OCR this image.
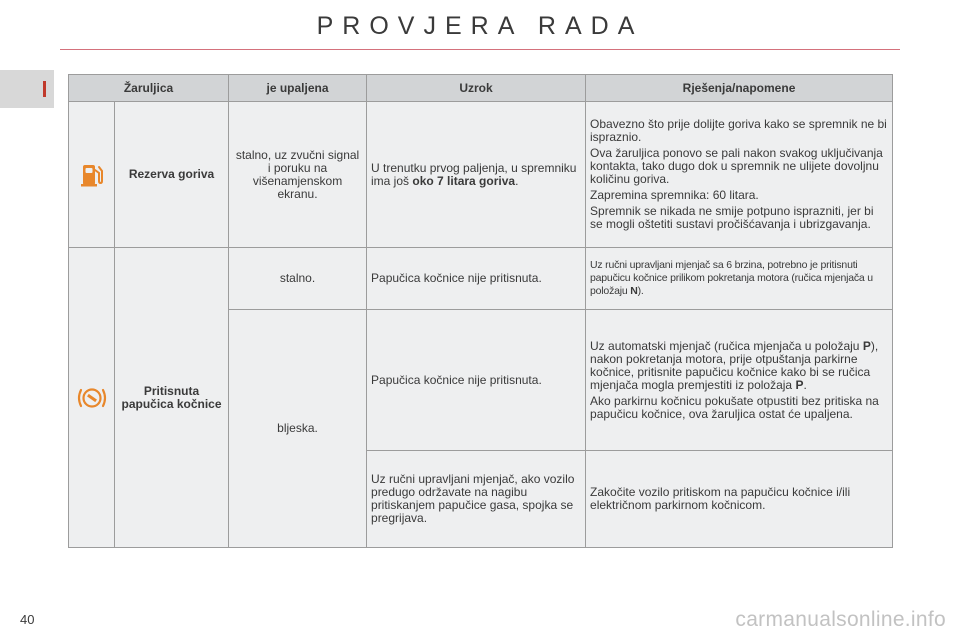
PROVJERA RADA
Žaruljica		je upaljena	Uzrok	Rješenja/napomene

	Rezerva goriva	stalno, uz zvučni signal i poruku na višenamjenskom ekranu.	U trenutku prvog paljenja, u spremniku ima još oko 7 litara goriva.	Obavezno što prije dolijte goriva kako se spremnik ne bi ispraznio.

Ova žaruljica ponovo se pali nakon svakog uključivanja kontakta, tako dugo dok u spremnik ne ulijete dovoljnu količinu goriva.

Zapremina spremnika: 60 litara.

Spremnik se nikada ne smije potpuno isprazniti, jer bi se mogli oštetiti sustavi pročišćavanja i ubrizgavanja.

	Pritisnuta papučica kočnice	stalno.	Papučica kočnice nije pritisnuta.	Uz ručni upravljani mjenjač sa 6 brzina, potrebno je pritisnuti papučicu kočnice prilikom pokretanja motora (ručica mjenjača u položaju N).
		bljeska.	Papučica kočnice nije pritisnuta.	Uz automatski mjenjač (ručica mjenjača u položaju P), nakon pokretanja motora, prije otpuštanja parkirne kočnice, pritisnite papučicu kočnice kako bi se ručica mjenjača mogla premjestiti iz položaja P.

Ako parkirnu kočnicu pokušate otpustiti bez pritiska na papučicu kočnice, ova žaruljica ostat će upaljena.

			Uz ručni upravljani mjenjač, ako vozilo predugo održavate na nagibu pritiskanjem papučice gasa, spojka se pregrijava.	Zakočite vozilo pritiskom na papučicu kočnice i/ili električnom parkirnom kočnicom.
40	carmanualsonline.info
